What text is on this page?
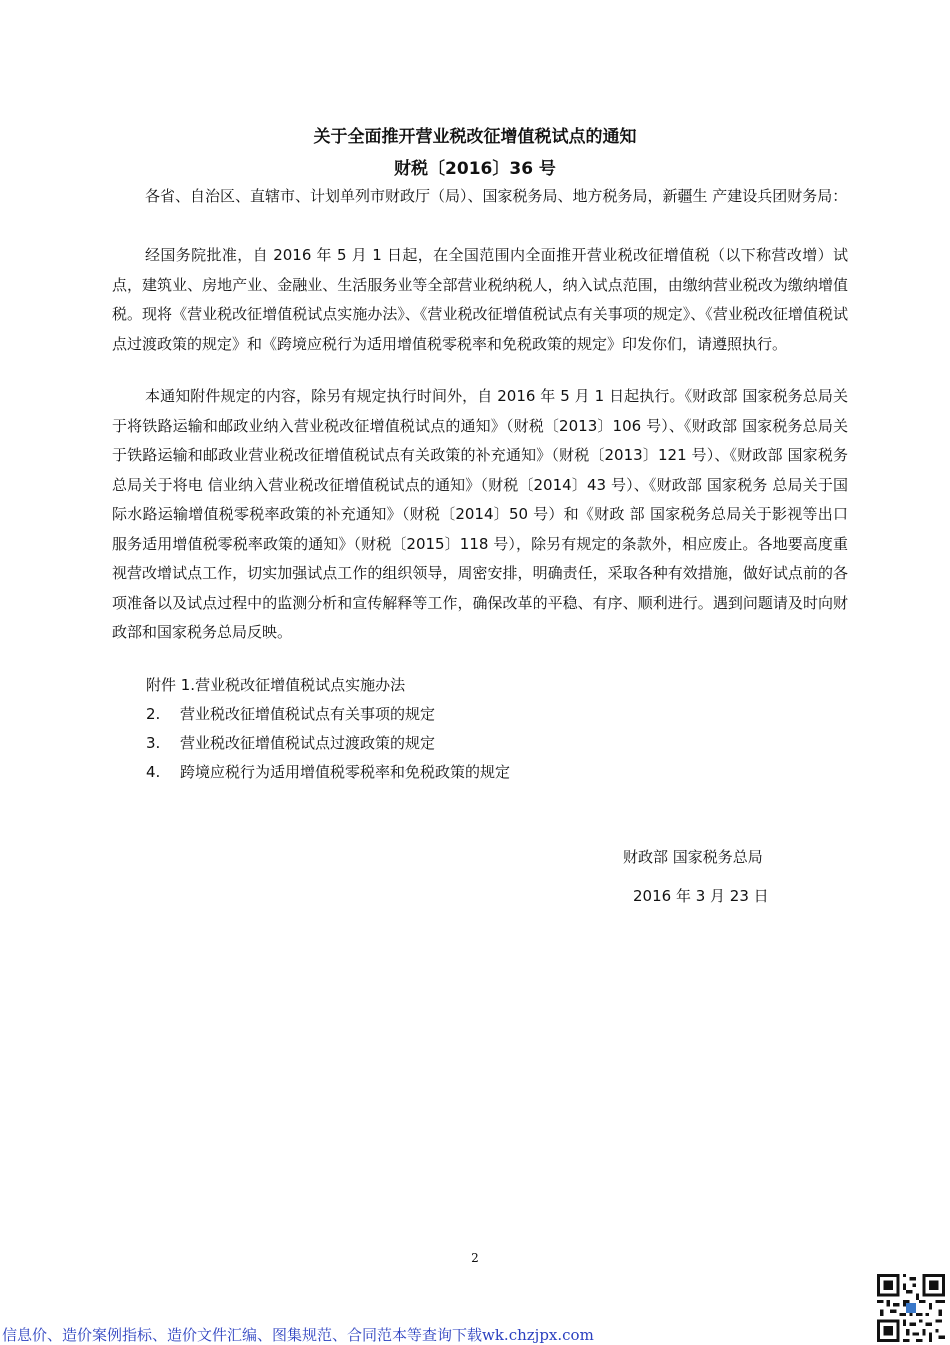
关于全面推开营业税改征增值税试点的通知
财税〔2016〕36 号

各省、自治区、直辖市、计划单列市财政厅（局）、国家税务局、地方税务局，新疆生 产建设兵团财务局：

经国务院批准，自 2016 年 5 月 1 日起，在全国范围内全面推开营业税改征增值税（以下称营改增）试点，建筑业、房地产业、金融业、生活服务业等全部营业税纳税人，纳入试点范围，由缴纳营业税改为缴纳增值税。现将《营业税改征增值税试点实施办法》、《营业税改征增值税试点有关事项的规定》、《营业税改征增值税试点过渡政策的规定》和《跨境应税行为适用增值税零税率和免税政策的规定》印发你们，请遵照执行。

本通知附件规定的内容，除另有规定执行时间外，自 2016 年 5 月 1 日起执行。《财政部 国家税务总局关于将铁路运输和邮政业纳入营业税改征增值税试点的通知》（财税〔2013〕106 号）、《财政部 国家税务总局关于铁路运输和邮政业营业税改征增值税试点有关政策的补充通知》（财税〔2013〕121 号）、《财政部 国家税务总局关于将电 信业纳入营业税改征增值税试点的通知》（财税〔2014〕43 号）、《财政部 国家税务 总局关于国际水路运输增值税零税率政策的补充通知》（财税〔2014〕50 号）和《财政 部 国家税务总局关于影视等出口服务适用增值税零税率政策的通知》（财税〔2015〕118 号），除另有规定的条款外，相应废止。各地要高度重视营改增试点工作，切实加强试点工作的组织领导，周密安排，明确责任，采取各种有效措施，做好试点前的各项准备以及试点过程中的监测分析和宣传解释等工作，确保改革的平稳、有序、顺利进行。遇到问题请及时向财政部和国家税务总局反映。

附件 1.营业税改征增值税试点实施办法
2. 营业税改征增值税试点有关事项的规定
3. 营业税改征增值税试点过渡政策的规定
4. 跨境应税行为适用增值税零税率和免税政策的规定
财政部 国家税务总局
2016 年 3 月 23 日
2
信息价、造价案例指标、造价文件汇编、图集规范、合同范本等查询下载wk.chzjpx.com
